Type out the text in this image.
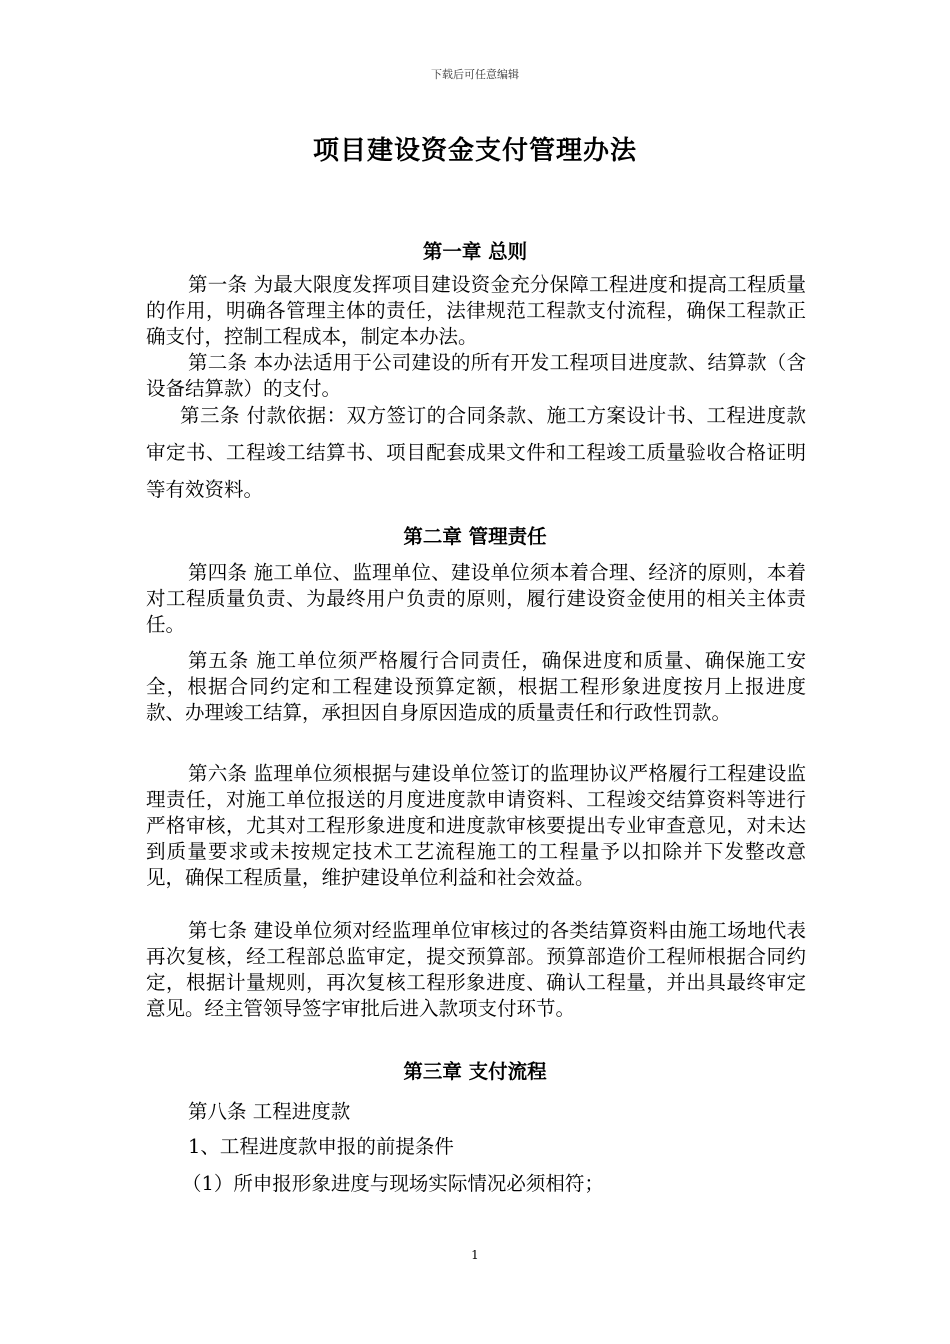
下载后可任意编辑
项目建设资金支付管理办法
第一章 总则
第一条 为最大限度发挥项目建设资金充分保障工程进度和提高工程质量的作用，明确各管理主体的责任，法律规范工程款支付流程，确保工程款正确支付，控制工程成本，制定本办法。
第二条 本办法适用于公司建设的所有开发工程项目进度款、结算款（含设备结算款）的支付。
第三条 付款依据：双方签订的合同条款、施工方案设计书、工程进度款审定书、工程竣工结算书、项目配套成果文件和工程竣工质量验收合格证明等有效资料。
第二章 管理责任
第四条 施工单位、监理单位、建设单位须本着合理、经济的原则，本着对工程质量负责、为最终用户负责的原则，履行建设资金使用的相关主体责任。
第五条 施工单位须严格履行合同责任，确保进度和质量、确保施工安全，根据合同约定和工程建设预算定额，根据工程形象进度按月上报进度款、办理竣工结算，承担因自身原因造成的质量责任和行政性罚款。
第六条 监理单位须根据与建设单位签订的监理协议严格履行工程建设监理责任，对施工单位报送的月度进度款申请资料、工程竣交结算资料等进行严格审核，尤其对工程形象进度和进度款审核要提出专业审查意见，对未达到质量要求或未按规定技术工艺流程施工的工程量予以扣除并下发整改意见，确保工程质量，维护建设单位利益和社会效益。
第七条 建设单位须对经监理单位审核过的各类结算资料由施工场地代表再次复核，经工程部总监审定，提交预算部。预算部造价工程师根据合同约定，根据计量规则，再次复核工程形象进度、确认工程量，并出具最终审定意见。经主管领导签字审批后进入款项支付环节。
第三章 支付流程
第八条 工程进度款
1、工程进度款申报的前提条件
（1）所申报形象进度与现场实际情况必须相符；
1
